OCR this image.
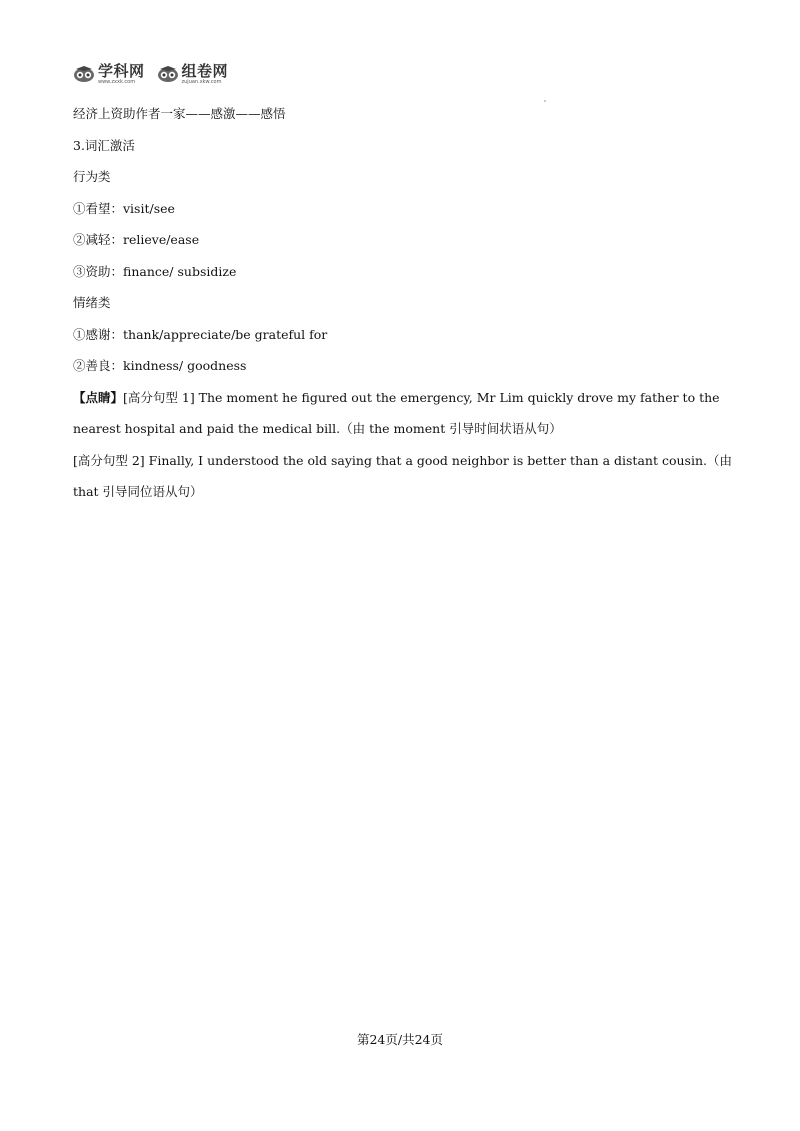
学科网
www.zxxk.com
组卷网
zujuan.xkw.com
经济上资助作者一家——感激——感悟
3.词汇激活
行为类
①看望：visit/see
②减轻：relieve/ease
③资助：finance/ subsidize
情绪类
①感谢：thank/appreciate/be grateful for
②善良：kindness/ goodness
【点睛】[高分句型 1] The moment he figured out the emergency, Mr Lim quickly drove my father to the nearest hospital and paid the medical bill.（由 the moment 引导时间状语从句）
[高分句型 2] Finally, I understood the old saying that a good neighbor is better than a distant cousin.（由 that 引导同位语从句）
第24页/共24页
